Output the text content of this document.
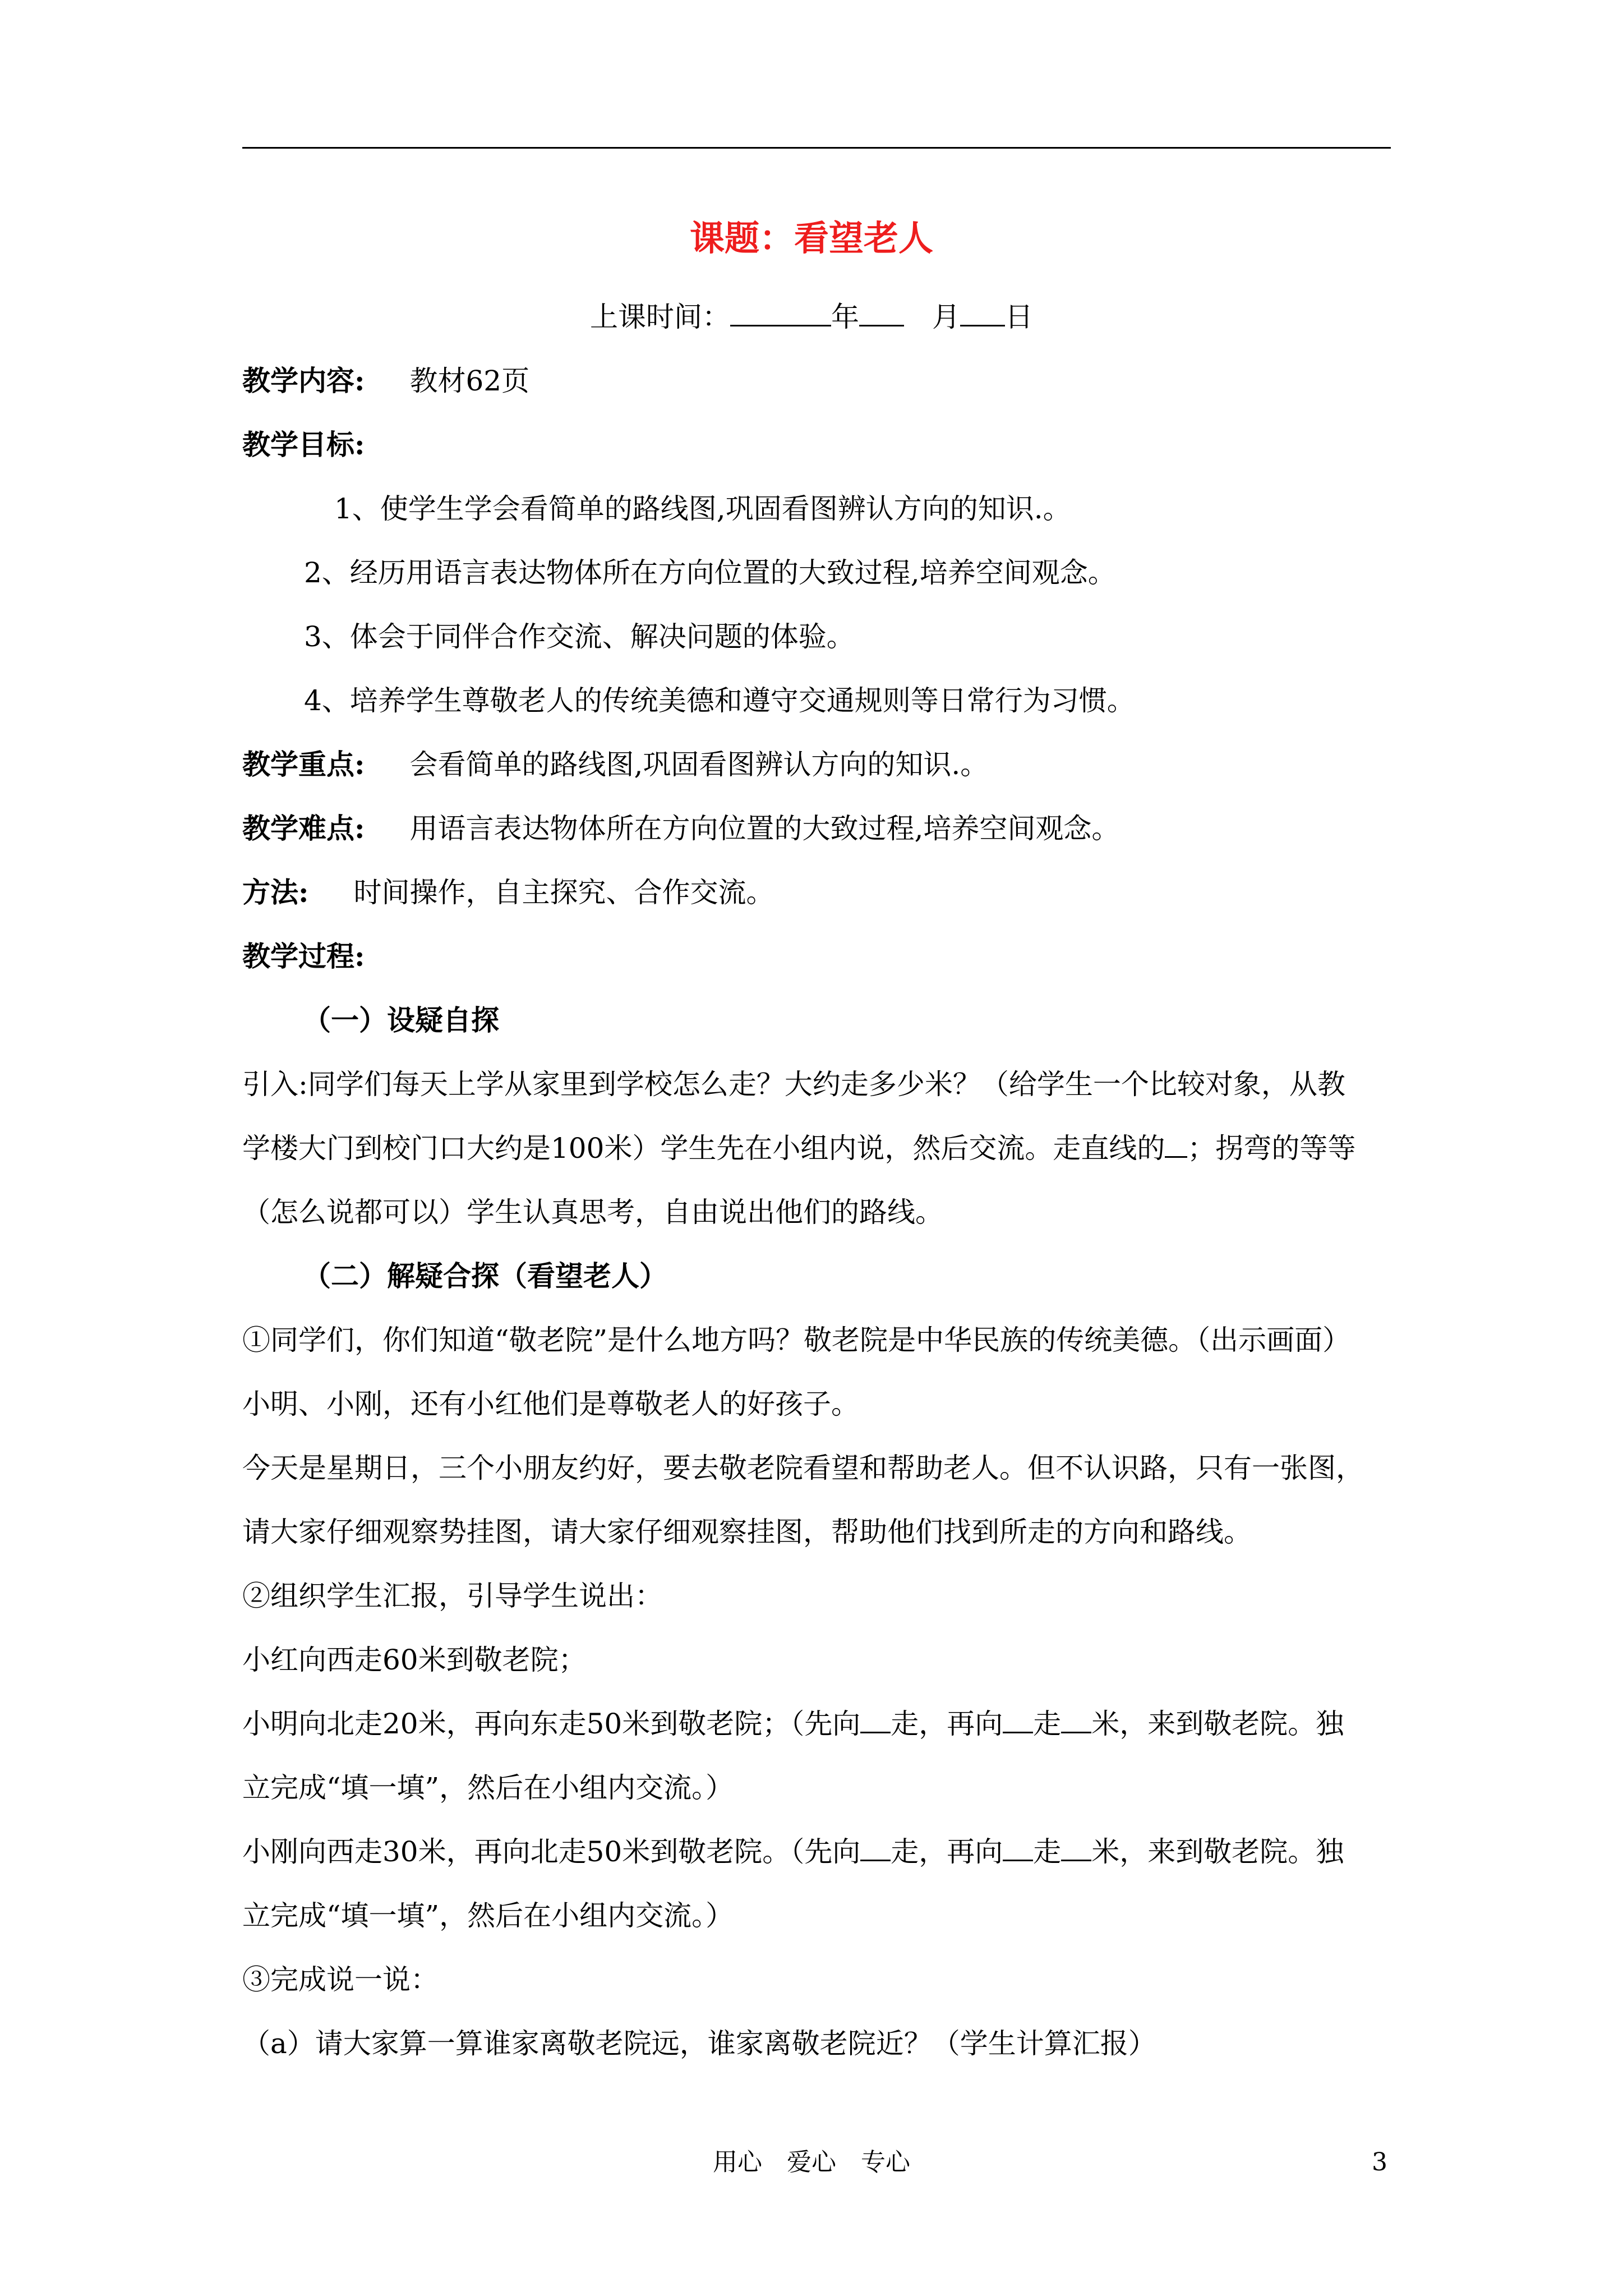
课题：看望老人
上课时间：	年	月 日
教学内容: 教材62页
教学目标:
1、使学生学会看简单的路线图,巩固看图辨认方向的知识.。
2、经历用语言表达物体所在方向位置的大致过程,培养空间观念。
3、体会于同伴合作交流、解决问题的体验。
4、培养学生尊敬老人的传统美德和遵守交通规则等日常行为习惯。
教学重点: 会看简单的路线图,巩固看图辨认方向的知识.。
教学难点: 用语言表达物体所在方向位置的大致过程,培养空间观念。
方法: 时间操作，自主探究、合作交流。
教学过程:
（一）设疑自探
引入:同学们每天上学从家里到学校怎么走？大约走多少米？（给学生一个比较对象，从教
学楼大门到校门口大约是100米）学生先在小组内说，然后交流。走直线的 ；拐弯的等等
（怎么说都可以）学生认真思考，自由说出他们的路线。
（二）解疑合探（看望老人）
①同学们，你们知道“敬老院”是什么地方吗？敬老院是中华民族的传统美德。（出示画面）
小明、小刚，还有小红他们是尊敬老人的好孩子。
今天是星期日，三个小朋友约好，要去敬老院看望和帮助老人。但不认识路，只有一张图，
请大家仔细观察势挂图，请大家仔细观察挂图，帮助他们找到所走的方向和路线。
②组织学生汇报，引导学生说出：
小红向西走60米到敬老院；
小明向北走20米，再向东走50米到敬老院；（先向 走，再向 走 米，来到敬老院。独
立完成“填一填”，然后在小组内交流。）
小刚向西走30米，再向北走50米到敬老院。（先向 走，再向 走 米，来到敬老院。独
立完成“填一填”，然后在小组内交流。）
③完成说一说：
（a）请大家算一算谁家离敬老院远，谁家离敬老院近？（学生计算汇报）
用心　爱心　专心	3
